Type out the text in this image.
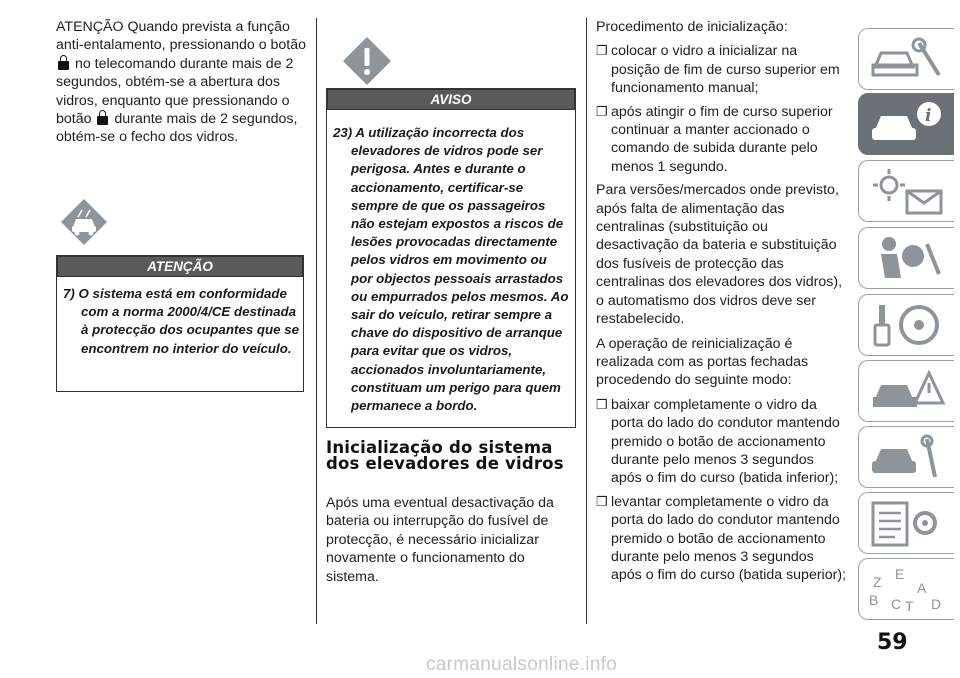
ATENÇÃO Quando prevista a função anti-entalamento, pressionando o botão
no telecomando durante mais de 2 segundos, obtém-se a abertura dos vidros, enquanto que pressionando o botão durante mais de 2 segundos, obtém-se o fecho dos vidros.

ATENÇÃO
7) O sistema está em conformidade com a norma 2000/4/CE destinada à protecção dos ocupantes que se encontrem no interior do veículo.
AVISO
23) A utilização incorrecta dos elevadores de vidros pode ser perigosa. Antes e durante o accionamento, certificar-se sempre de que os passageiros não estejam expostos a riscos de lesões provocadas directamente pelos vidros em movimento ou por objectos pessoais arrastados ou empurrados pelos mesmos. Ao sair do veículo, retirar sempre a chave do dispositivo de arranque para evitar que os vidros, accionados involuntariamente, constituam um perigo para quem permanece a bordo.
Inicialização do sistema dos elevadores de vidros

Após uma eventual desactivação da bateria ou interrupção do fusível de protecção, é necessário inicializar novamente o funcionamento do sistema.

Procedimento de inicialização:

❒ colocar o vidro a inicializar na posição de fim de curso superior em funcionamento manual;
❒ após atingir o fim de curso superior continuar a manter accionado o comando de subida durante pelo menos 1 segundo.

Para versões/mercados onde previsto, após falta de alimentação das centralinas (substituição ou desactivação da bateria e substituição dos fusíveis de protecção das centralinas dos elevadores dos vidros), o automatismo dos vidros deve ser restabelecido.

A operação de reinicialização é realizada com as portas fechadas procedendo do seguinte modo:

❒ baixar completamente o vidro da porta do lado do condutor mantendo premido o botão de accionamento durante pelo menos 3 segundos após o fim do curso (batida inferior);
❒ levantar completamente o vidro da porta do lado do condutor mantendo premido o botão de accionamento durante pelo menos 3 segundos após o fim do curso (batida superior);
i
Z E
A
B C T D
59
carmanualsonline.info
